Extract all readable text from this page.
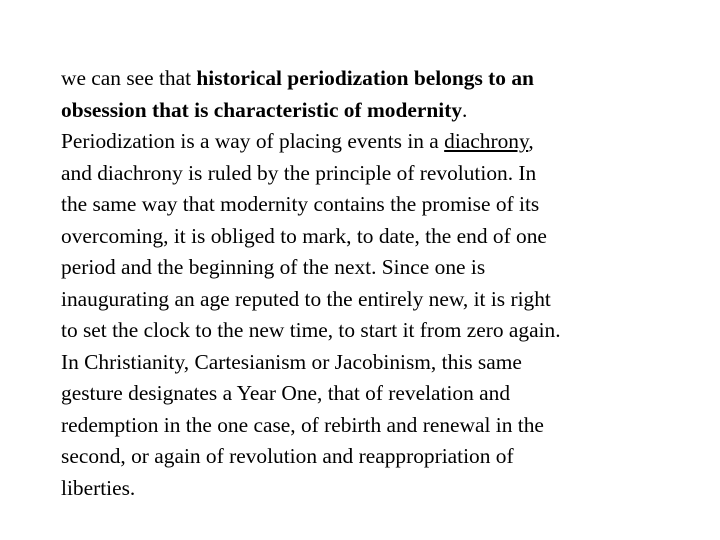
we can see that historical periodization belongs to an
obsession that is characteristic of modernity.
Periodization is a way of placing events in a diachrony,
and diachrony is ruled by the principle of revolution. In
the same way that modernity contains the promise of its
overcoming, it is obliged to mark, to date, the end of one
period and the beginning of the next. Since one is
inaugurating an age reputed to the entirely new, it is right
to set the clock to the new time, to start it from zero again.
In Christianity, Cartesianism or Jacobinism, this same
gesture designates a Year One, that of revelation and
redemption in the one case, of rebirth and renewal in the
second, or again of revolution and reappropriation of
liberties.
